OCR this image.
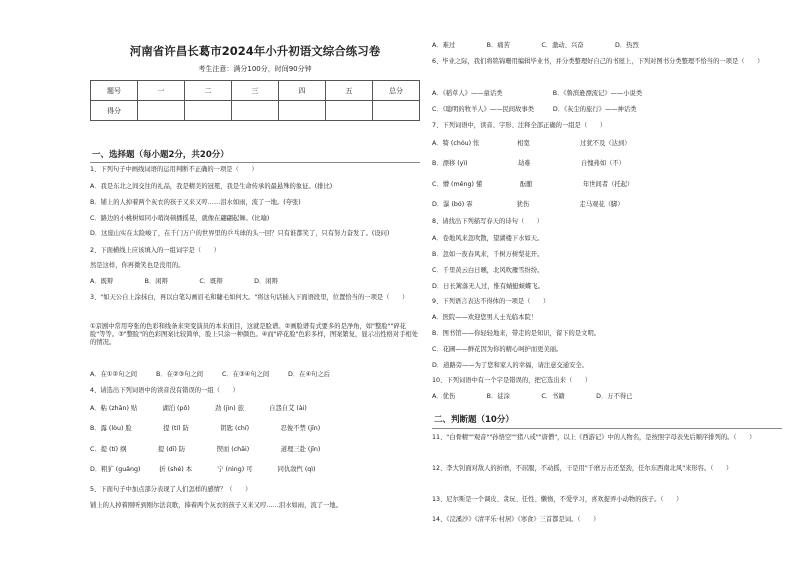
河南省许昌长葛市2024年小升初语文综合练习卷
考生注意：满分100分，时间90分钟
题号	一	二	三	四	五	总分
得分						
一、选择题（每小题2分，共20分）
1、下列句子中画线词语的运用判断不正确的一项是（　　）
A．我是东北之间交往的礼品，我是精美的冠冕，我是生命传承的最悬殊的象征。(排比)
B．铺上的人掉着两个灰衣的孩子又来又哼……泪水如雨，流了一地。(夸张)
C．路边的小桃树如同小哨岗顿播摇晃，就像在翩翩起舞。(比喻)
D．这座山实在太险峻了，在千门万户的世界里的乒乓球的头一回？只有谁都笑了，只有努力奋发了。(设问)
2、下面横线上应该填入的一组词字是（　　）
然是这样，你再微笑也是没用的。
A．既辩　　　　　B．闲辩　　　　　C．既辩　　　　　D．闲辩
3、"如天公自上涂抹白，再以白笔勾画眉毛和睫毛如何大。"将这句话插入下面语段里，位置恰当的一项是（　　）
①京剧中常用夸张的色彩和线条来突变演员的本来面目，这就是脸谱。②画脸谱有式要多的是净角，如"整脸""碎花脸"等等。③"整脸"的色彩图案比较简单，脸上只涂一种颜色。④而"碎花脸"色彩多样，图案繁复，显示出性格对手相处的情况。
A．在①②句之间　　　B．在②③句之间　　　C．在③④句之间　　　D．在④句之后
4、请选出下列词语中的读音没有错误的一组（　　）
A．粘 (zhān) 贴　　　　湖泊 (pō)　　　　劲 (jìn) 旅　　　　自怨自艾 (ài)
B．露 (lòu) 脸　　　　　提 (tí) 防　　　　　钥匙 (chí)　　　　　忍俊不禁 (jīn)
C．提 (tí) 纲　　　　　提 (dī) 防　　　　　锲而 (chāi)　　　　　道理三赴 (jīn)
D．粗犷 (guǎng)　　　折 (shé) 本　　　　宁 (nìng) 可　　　　同仇敌忾 (qì)
5、下面句子中加点部分表现了人们怎样的感情？（　　）
铺上的人掉着刚听到刚尔法哀歌，捧着两个灰衣的孩子又来又哼……泪水如雨，流了一地。
A．难过　　　　　B．痛苦　　　　　C．激动、兴奋　　　　　D．热烈
6、毕业之际，我们将铭锦珊用编辑毕业书，并分类整理好自己的书屋上，下列对图书分类整理不恰当的一项是（　　）
A．《稻草人》——童话类　　　　　　　　B．《鲁滨逊漂流记》——小说类
C．《聪明的牧羊人》——民间故事类　　　D．《灰尘的旅行》——神话类
7、下列词语中，读音、字形、注释全部正确的一组是（　　）
A．犄 (chóu) 怅　　　　　　相宽　　　　　　　　过犹不及（达到）
B．漂移 (yì)　　　　　　　　劫难　　　　　　　　自愧弗如（不）
C．懵 (měng) 懂　　　　　　酝酿　　　　　　　　年世间者（托起）
D．瀑 (bó) 霏　　　　　　　犹伤　　　　　　　　走马观花（脚）
8、请找出下列描写春天的诗句（　　）
A．卷地风来忽吹散，望湖楼下水如天。
B．忽如一夜春风来，千树万树梨花开。
C．千里黄云白日曛，北风吹雁雪纷纷。
D．日长篱落无人过，惟有蜻蜓蛱蝶飞。
9、下列语言表达不得体的一项是（　　）
A．医院——欢迎您男人士光临本院！
B．图书馆——你轻轻地来，带走的是知识，留下的是文明。
C．花圃——鲜花因为你的精心呵护而更美丽。
D．道路旁——为了您和家人的幸福，请注意交通安全。
10、下列词语中有一个字是错误的，把它选出来（　　）
A．优伤　　　　　B．徒涂　　　　　C．书籍　　　　　D．万不得已
二、判断题（10分）
11、"白骨精""观音""孙悟空""猪八戒""唐僧"，以上《西游记》中的人物名，是按照字母表先后顺序排列的。（　　）
12、李大钊面对敌人的折磨，不屈服，不动摇，干是用"千磨万击还坚劲，任尔东西南北风"来形容。（　　）
13、尼尔斯是一个调皮、贪玩、任性、懒惰，不爱学习，喜欢捉弄小动物的孩子。（　　）
14、《浣溪沙》《清平乐·村居》《寒食》三首都是词。（　　）
